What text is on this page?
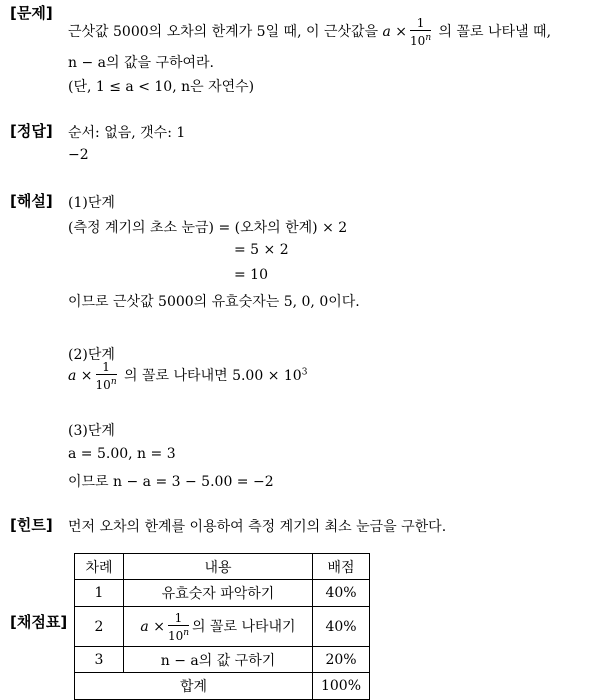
[문제]
근삿값 5000의 오차의 한계가 5일 때, 이 근삿값을 $a \times \frac{1}{10^n}$ 의 꼴로 나타낼 때,
n − a의 값을 구하여라.
(단, 1 ≤ a < 10, n은 자연수)
[정답] 순서: 없음, 갯수: 1
−2
[해설] (1)단계
(측정 계기의 초소 눈금) = (오차의 한계) × 2
= 5 × 2
= 10
이므로 근삿값 5000의 유효숫자는 5, 0, 0이다.
(2)단계
$a \times \frac{1}{10^n}$ 의 꼴로 나타내면 $5.00 \times 10^3$
(3)단계
a = 5.00, n = 3
이므로 n − a = 3 − 5.00 = −2
[힌트] 먼저 오차의 한계를 이용하여 측정 계기의 최소 눈금을 구한다.
[채점표]
차례	내용	배점
1	유효숫자 파악하기	40%
2	$a \times \frac{1}{10^n}$ 의 꼴로 나타내기	40%
3	n − a의 값 구하기	20%
합계		100%
